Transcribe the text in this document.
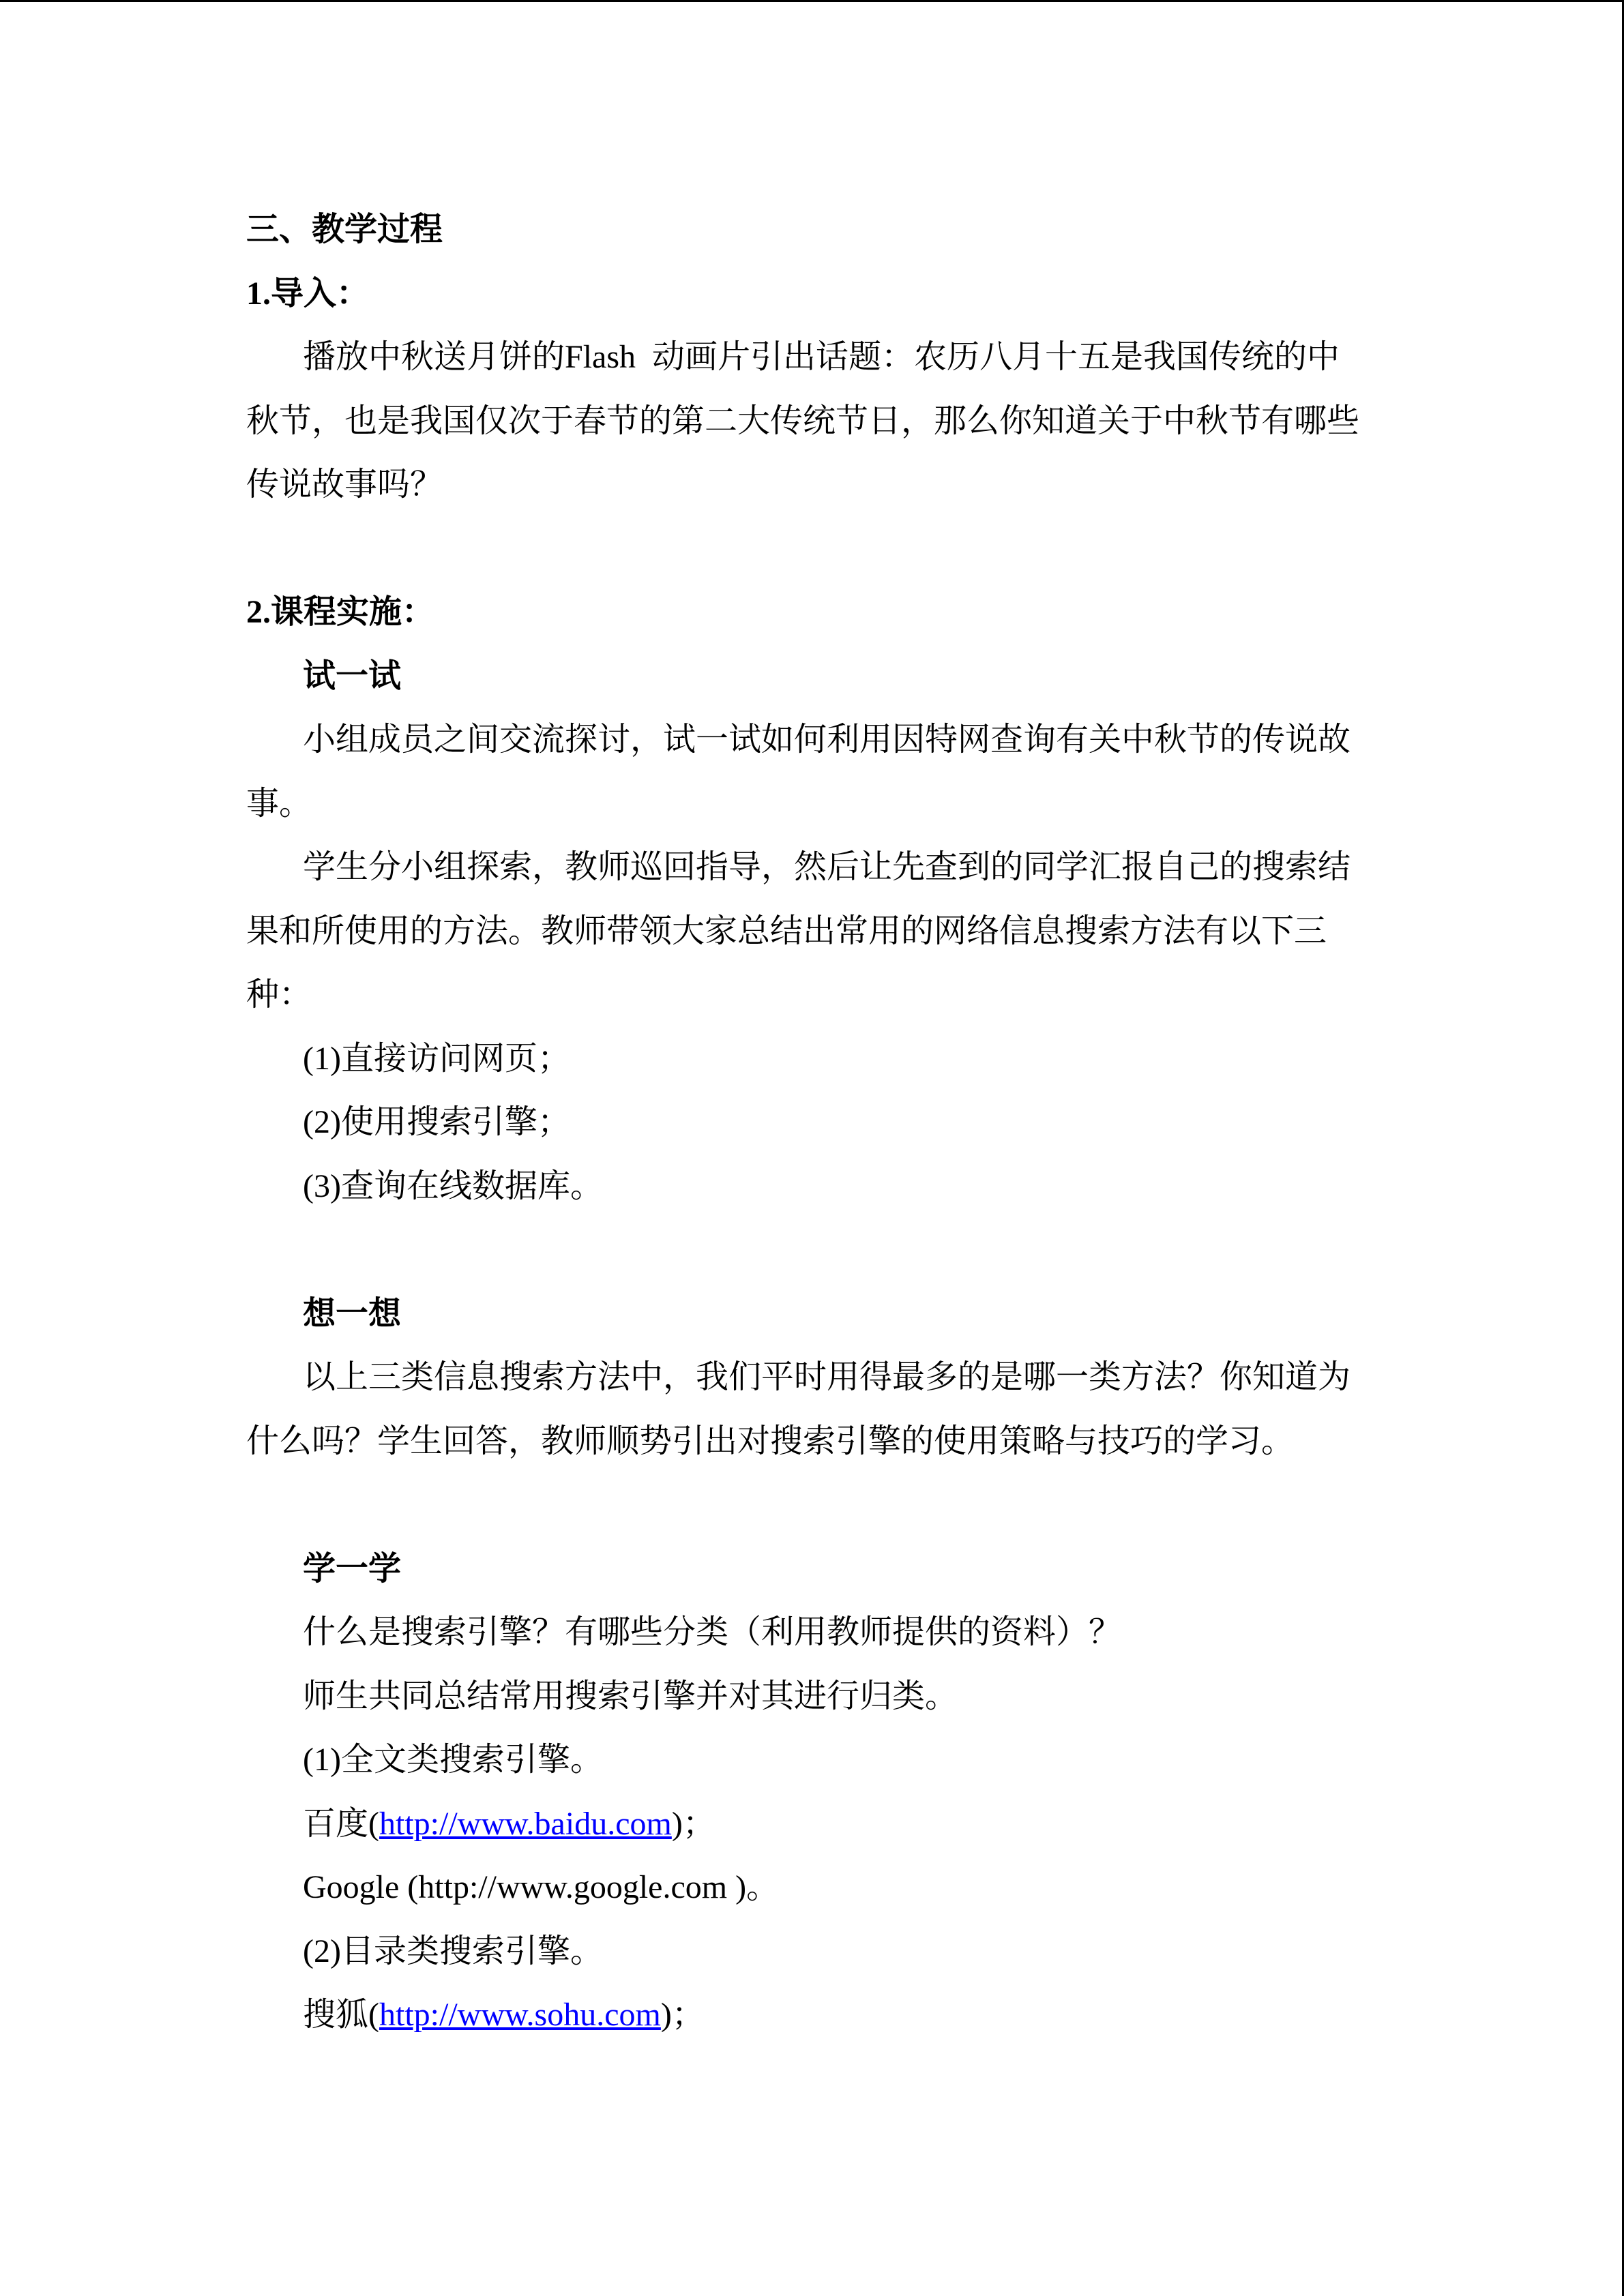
三、教学过程
1.导入：
播放中秋送月饼的Flash  动画片引出话题：农历八月十五是我国传统的中
秋节，也是我国仅次于春节的第二大传统节日，那么你知道关于中秋节有哪些
传说故事吗？
2.课程实施：
试一试
小组成员之间交流探讨，试一试如何利用因特网查询有关中秋节的传说故
事。
学生分小组探索，教师巡回指导，然后让先查到的同学汇报自己的搜索结
果和所使用的方法。教师带领大家总结出常用的网络信息搜索方法有以下三
种：
(1)直接访问网页；
(2)使用搜索引擎；
(3)查询在线数据库。
想一想
以上三类信息搜索方法中，我们平时用得最多的是哪一类方法？你知道为
什么吗？学生回答，教师顺势引出对搜索引擎的使用策略与技巧的学习。
学一学
什么是搜索引擎？有哪些分类（利用教师提供的资料）？
师生共同总结常用搜索引擎并对其进行归类。
(1)全文类搜索引擎。
百度(http://www.baidu.com)；
Google (http://www.google.com )。
(2)目录类搜索引擎。
搜狐(http://www.sohu.com)；
